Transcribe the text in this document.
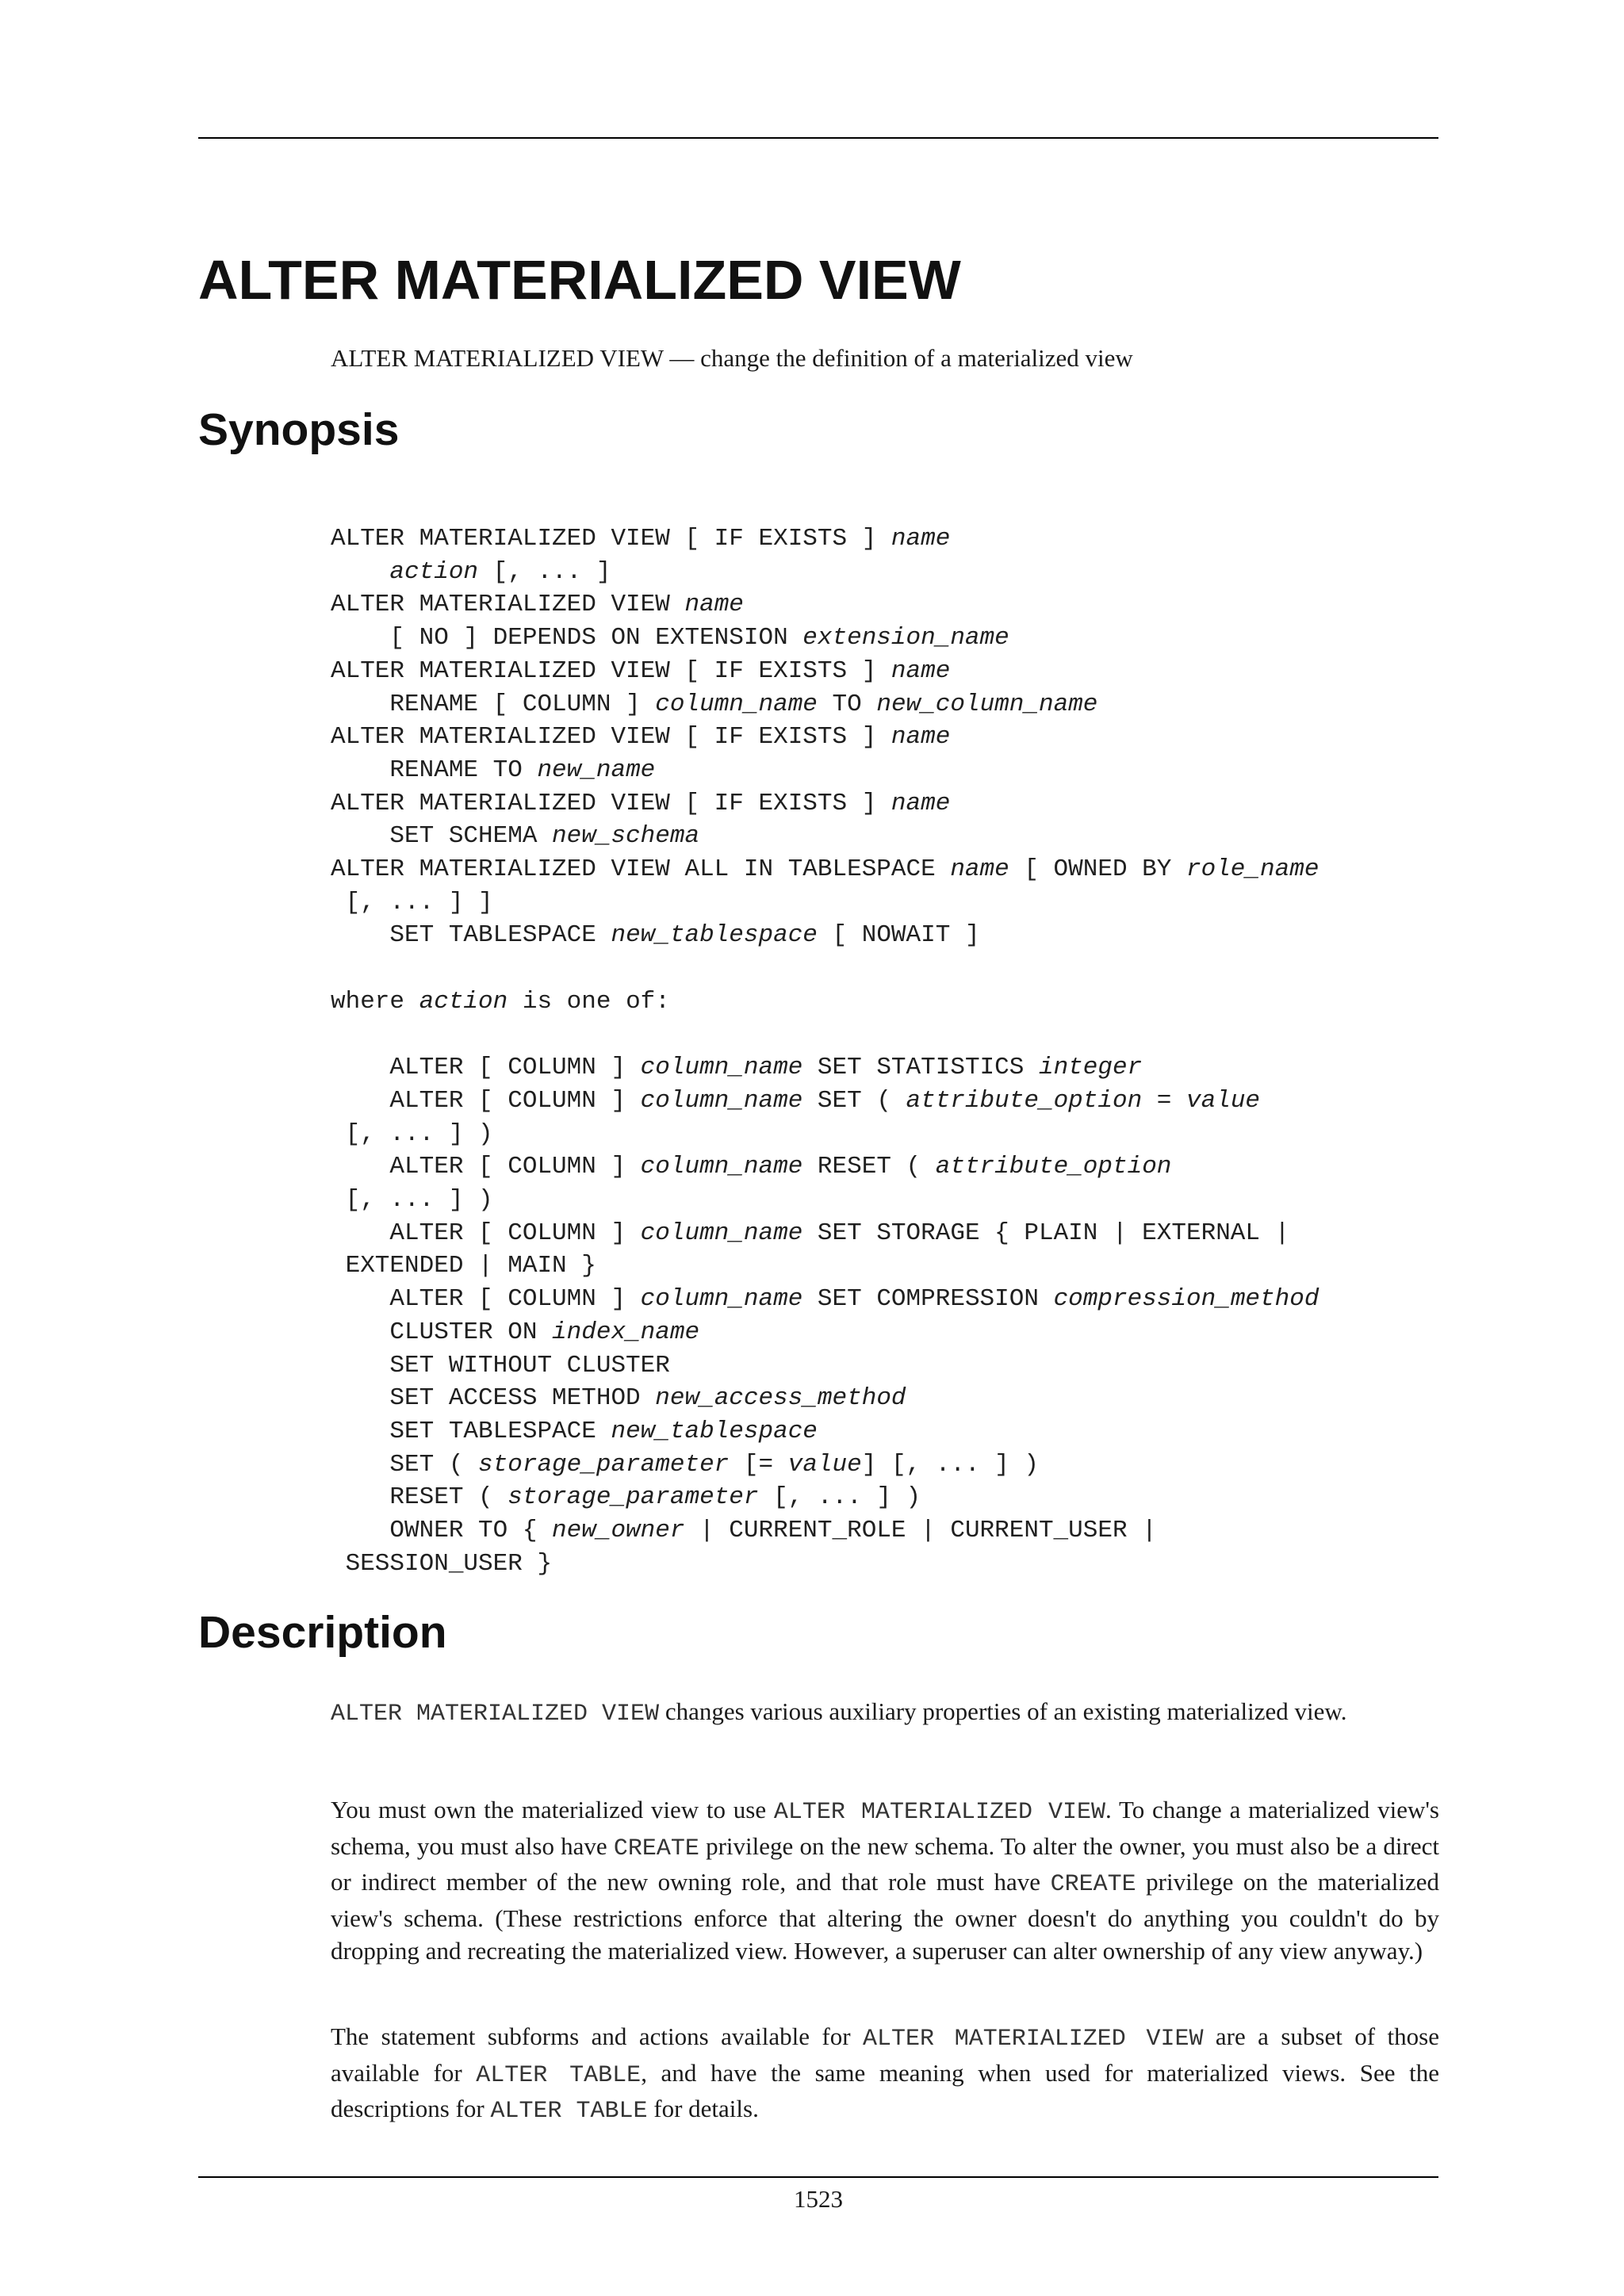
ALTER MATERIALIZED VIEW

ALTER MATERIALIZED VIEW — change the definition of a materialized view

Synopsis
ALTER MATERIALIZED VIEW [ IF EXISTS ] name
action [, ... ]
ALTER MATERIALIZED VIEW name
[ NO ] DEPENDS ON EXTENSION extension_name
ALTER MATERIALIZED VIEW [ IF EXISTS ] name
RENAME [ COLUMN ] column_name TO new_column_name
ALTER MATERIALIZED VIEW [ IF EXISTS ] name
RENAME TO new_name
ALTER MATERIALIZED VIEW [ IF EXISTS ] name
SET SCHEMA new_schema
ALTER MATERIALIZED VIEW ALL IN TABLESPACE name [ OWNED BY role_name
[, ... ] ]
SET TABLESPACE new_tablespace [ NOWAIT ]

where action is one of:

ALTER [ COLUMN ] column_name SET STATISTICS integer
ALTER [ COLUMN ] column_name SET ( attribute_option = value
[, ... ] )
ALTER [ COLUMN ] column_name RESET ( attribute_option
[, ... ] )
ALTER [ COLUMN ] column_name SET STORAGE { PLAIN | EXTERNAL |
EXTENDED | MAIN }
ALTER [ COLUMN ] column_name SET COMPRESSION compression_method
CLUSTER ON index_name
SET WITHOUT CLUSTER
SET ACCESS METHOD new_access_method
SET TABLESPACE new_tablespace
SET ( storage_parameter [= value] [, ... ] )
RESET ( storage_parameter [, ... ] )
OWNER TO { new_owner | CURRENT_ROLE | CURRENT_USER |
SESSION_USER }
Description

ALTER MATERIALIZED VIEW changes various auxiliary properties of an existing materialized view.

You must own the materialized view to use ALTER MATERIALIZED VIEW. To change a materialized view's schema, you must also have CREATE privilege on the new schema. To alter the owner, you must also be a direct or indirect member of the new owning role, and that role must have CREATE privilege on the materialized view's schema. (These restrictions enforce that altering the owner doesn't do anything you couldn't do by dropping and recreating the materialized view. However, a superuser can alter ownership of any view anyway.)

The statement subforms and actions available for ALTER MATERIALIZED VIEW are a subset of those available for ALTER TABLE, and have the same meaning when used for materialized views. See the descriptions for ALTER TABLE for details.

1523
